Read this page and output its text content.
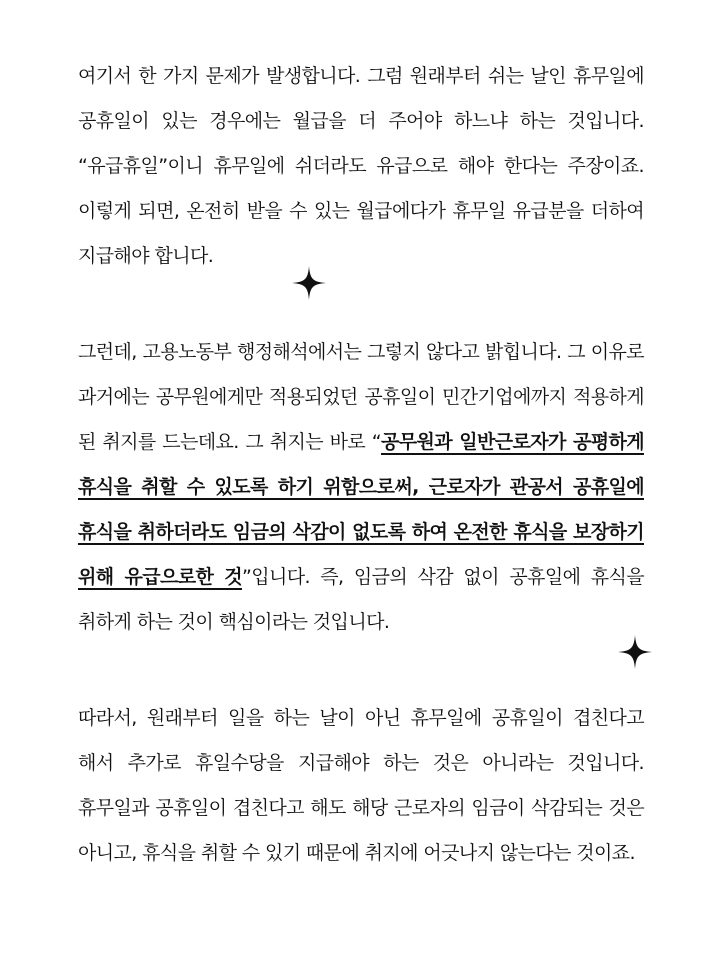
여기서 한 가지 문제가 발생합니다. 그럼 원래부터 쉬는 날인 휴무일에 공휴일이 있는 경우에는 월급을 더 주어야 하느냐 하는 것입니다. “유급휴일”이니 휴무일에 쉬더라도 유급으로 해야 한다는 주장이죠. 이렇게 되면, 온전히 받을 수 있는 월급에다가 휴무일 유급분을 더하여 지급해야 합니다.

그런데, 고용노동부 행정해석에서는 그렇지 않다고 밝힙니다. 그 이유로 과거에는 공무원에게만 적용되었던 공휴일이 민간기업에까지 적용하게 된 취지를 드는데요. 그 취지는 바로 “공무원과 일반근로자가 공평하게 휴식을 취할 수 있도록 하기 위함으로써, 근로자가 관공서 공휴일에 휴식을 취하더라도 임금의 삭감이 없도록 하여 온전한 휴식을 보장하기 위해 유급으로한 것”입니다. 즉, 임금의 삭감 없이 공휴일에 휴식을 취하게 하는 것이 핵심이라는 것입니다.

따라서, 원래부터 일을 하는 날이 아닌 휴무일에 공휴일이 겹친다고 해서 추가로 휴일수당을 지급해야 하는 것은 아니라는 것입니다. 휴무일과 공휴일이 겹친다고 해도 해당 근로자의 임금이 삭감되는 것은 아니고, 휴식을 취할 수 있기 때문에 취지에 어긋나지 않는다는 것이죠.
